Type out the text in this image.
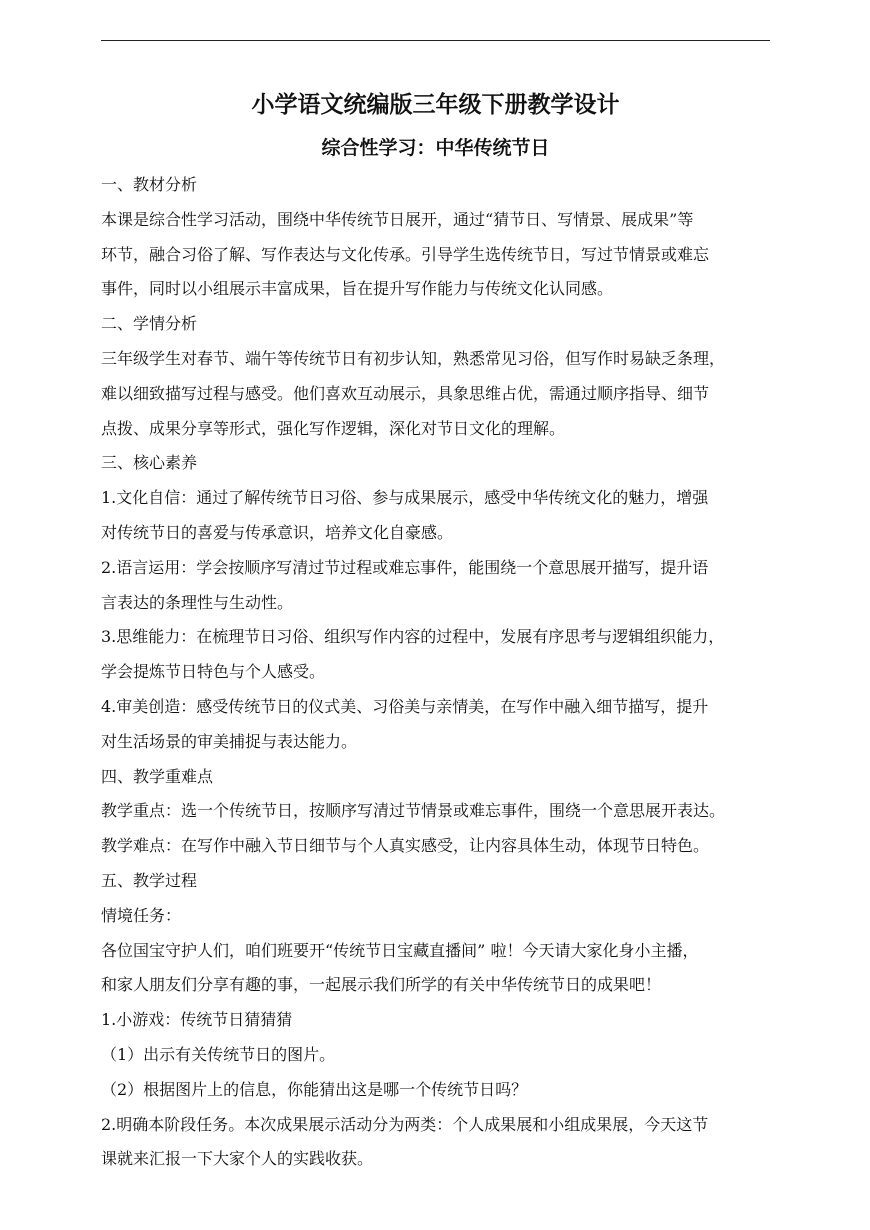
小学语文统编版三年级下册教学设计
综合性学习：中华传统节日

一、教材分析

本课是综合性学习活动，围绕中华传统节日展开，通过“猜节日、写情景、展成果”等

环节，融合习俗了解、写作表达与文化传承。引导学生选传统节日，写过节情景或难忘

事件，同时以小组展示丰富成果，旨在提升写作能力与传统文化认同感。

二、学情分析

三年级学生对春节、端午等传统节日有初步认知，熟悉常见习俗，但写作时易缺乏条理，

难以细致描写过程与感受。他们喜欢互动展示，具象思维占优，需通过顺序指导、细节

点拨、成果分享等形式，强化写作逻辑，深化对节日文化的理解。

三、核心素养

1.文化自信：通过了解传统节日习俗、参与成果展示，感受中华传统文化的魅力，增强

对传统节日的喜爱与传承意识，培养文化自豪感。

2.语言运用：学会按顺序写清过节过程或难忘事件，能围绕一个意思展开描写，提升语

言表达的条理性与生动性。

3.思维能力：在梳理节日习俗、组织写作内容的过程中，发展有序思考与逻辑组织能力，

学会提炼节日特色与个人感受。

4.审美创造：感受传统节日的仪式美、习俗美与亲情美，在写作中融入细节描写，提升

对生活场景的审美捕捉与表达能力。

四、教学重难点

教学重点：选一个传统节日，按顺序写清过节情景或难忘事件，围绕一个意思展开表达。

教学难点：在写作中融入节日细节与个人真实感受，让内容具体生动，体现节日特色。

五、教学过程

情境任务：

各位国宝守护人们，咱们班要开“传统节日宝藏直播间” 啦！今天请大家化身小主播，

和家人朋友们分享有趣的事，一起展示我们所学的有关中华传统节日的成果吧！

1.小游戏：传统节日猜猜猜

（1）出示有关传统节日的图片。

（2）根据图片上的信息，你能猜出这是哪一个传统节日吗？

2.明确本阶段任务。本次成果展示活动分为两类：个人成果展和小组成果展，今天这节

课就来汇报一下大家个人的实践收获。
